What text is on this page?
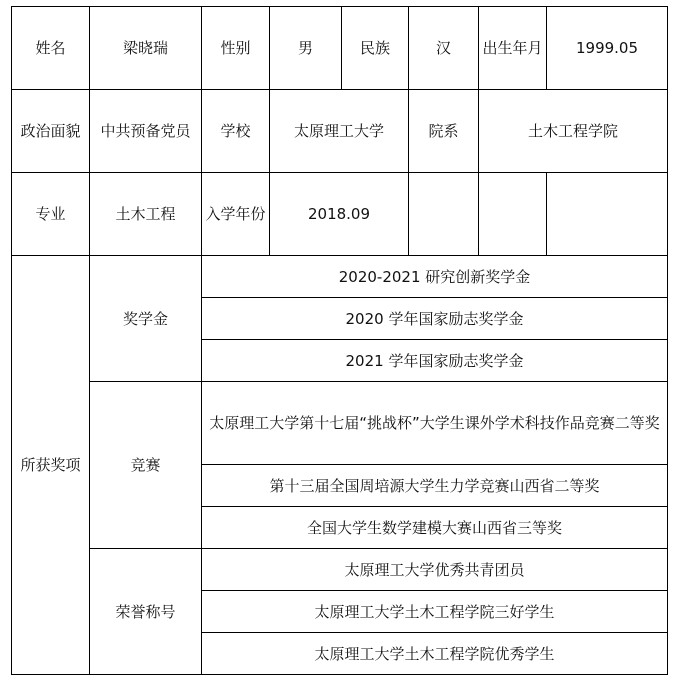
姓名	梁晓瑞	性别	男	民族	汉	出生年月	1999.05
政治面貌	中共预备党员	学校	太原理工大学		院系	土木工程学院	
专业	土木工程	入学年份	2018.09				
所获奖项	奖学金	2020-2021 研究创新奖学金					
		2020 学年国家励志奖学金					
		2021 学年国家励志奖学金					
	竞赛	太原理工大学第十七届“挑战杯”大学生课外学术科技作品竞赛二等奖					
		第十三届全国周培源大学生力学竞赛山西省二等奖					
		全国大学生数学建模大赛山西省三等奖					
	荣誉称号	太原理工大学优秀共青团员					
		太原理工大学土木工程学院三好学生					
		太原理工大学土木工程学院优秀学生					
